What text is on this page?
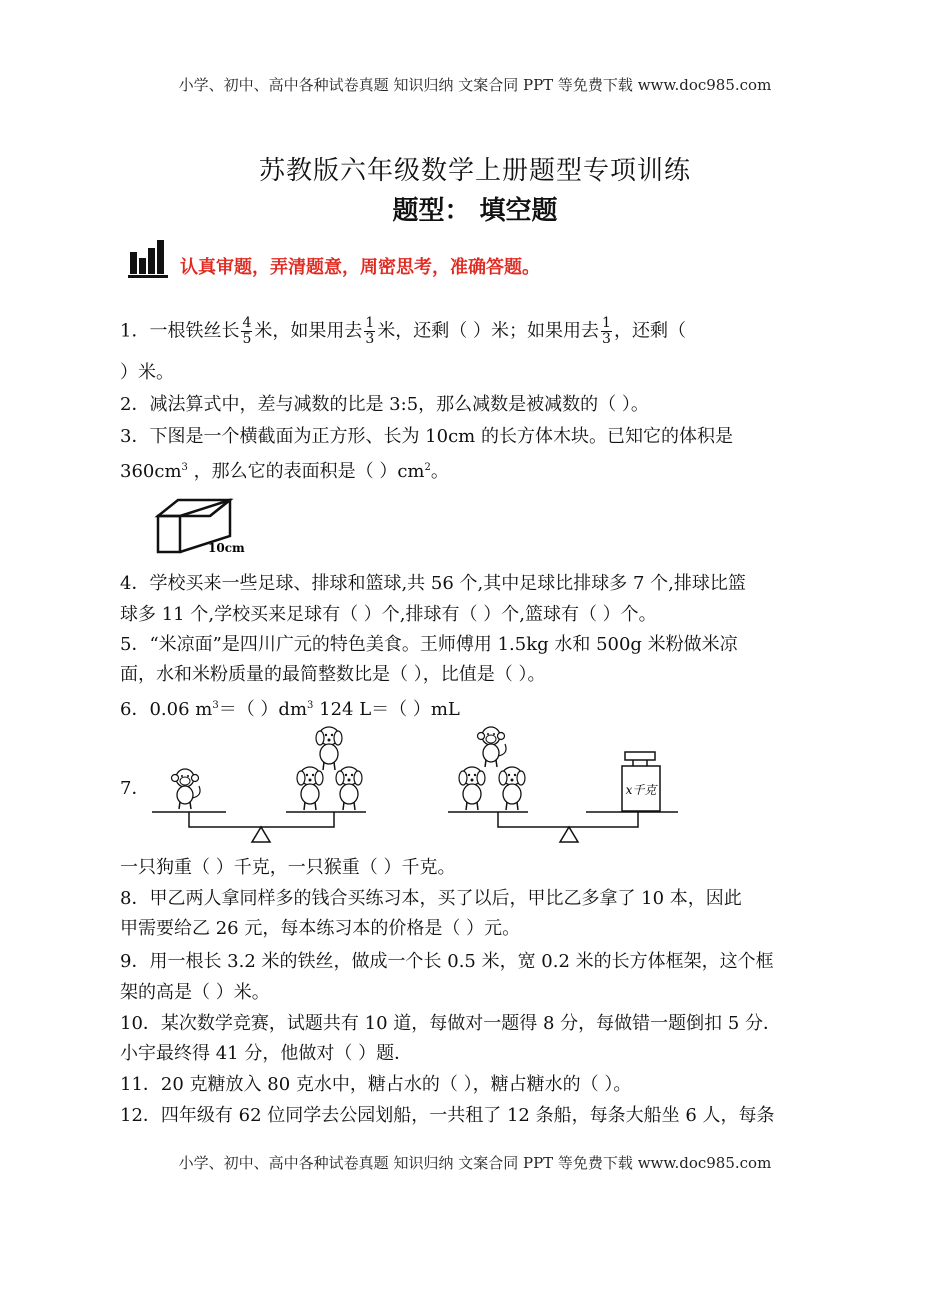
小学、初中、高中各种试卷真题 知识归纳 文案合同 PPT 等免费下载 www.doc985.com
苏教版六年级数学上册题型专项训练
题型： 填空题
认真审题，弄清题意，周密思考，准确答题。
1．一根铁丝长 $\frac{4}{5}$ 米，如果用去 $\frac{1}{3}$ 米，还剩（ ）米；如果用去 $\frac{1}{3}$ ，还剩（
）米。
2．减法算式中，差与减数的比是 3:5，那么减数是被减数的（ ）。
3．下图是一个横截面为正方形、长为 10cm 的长方体木块。已知它的体积是
$360cm^3$ ，那么它的表面积是（ ）$cm^2$。
10cm
4．学校买来一些足球、排球和篮球,共 56 个,其中足球比排球多 7 个,排球比篮
球多 11 个,学校买来足球有（ ）个,排球有（ ）个,篮球有（ ）个。
5．“米凉面”是四川广元的特色美食。王师傅用 1.5kg 水和 500g 米粉做米凉
面，水和米粉质量的最简整数比是（ ），比值是（ ）。
6．0.06 $m^3=$（ ）$dm^3$ 124 L＝（ ）mL
7．	x千克
一只狗重（ ）千克，一只猴重（ ）千克。
8．甲乙两人拿同样多的钱合买练习本，买了以后，甲比乙多拿了 10 本，因此
甲需要给乙 26 元，每本练习本的价格是（ ）元。
9．用一根长 3.2 米的铁丝，做成一个长 0.5 米，宽 0.2 米的长方体框架，这个框
架的高是（ ）米。
10．某次数学竞赛，试题共有 10 道，每做对一题得 8 分，每做错一题倒扣 5 分．
小宇最终得 41 分，他做对（ ）题．
11．20 克糖放入 80 克水中，糖占水的（ ），糖占糖水的（ ）。
12．四年级有 62 位同学去公园划船，一共租了 12 条船，每条大船坐 6 人，每条
小学、初中、高中各种试卷真题 知识归纳 文案合同 PPT 等免费下载 www.doc985.com
